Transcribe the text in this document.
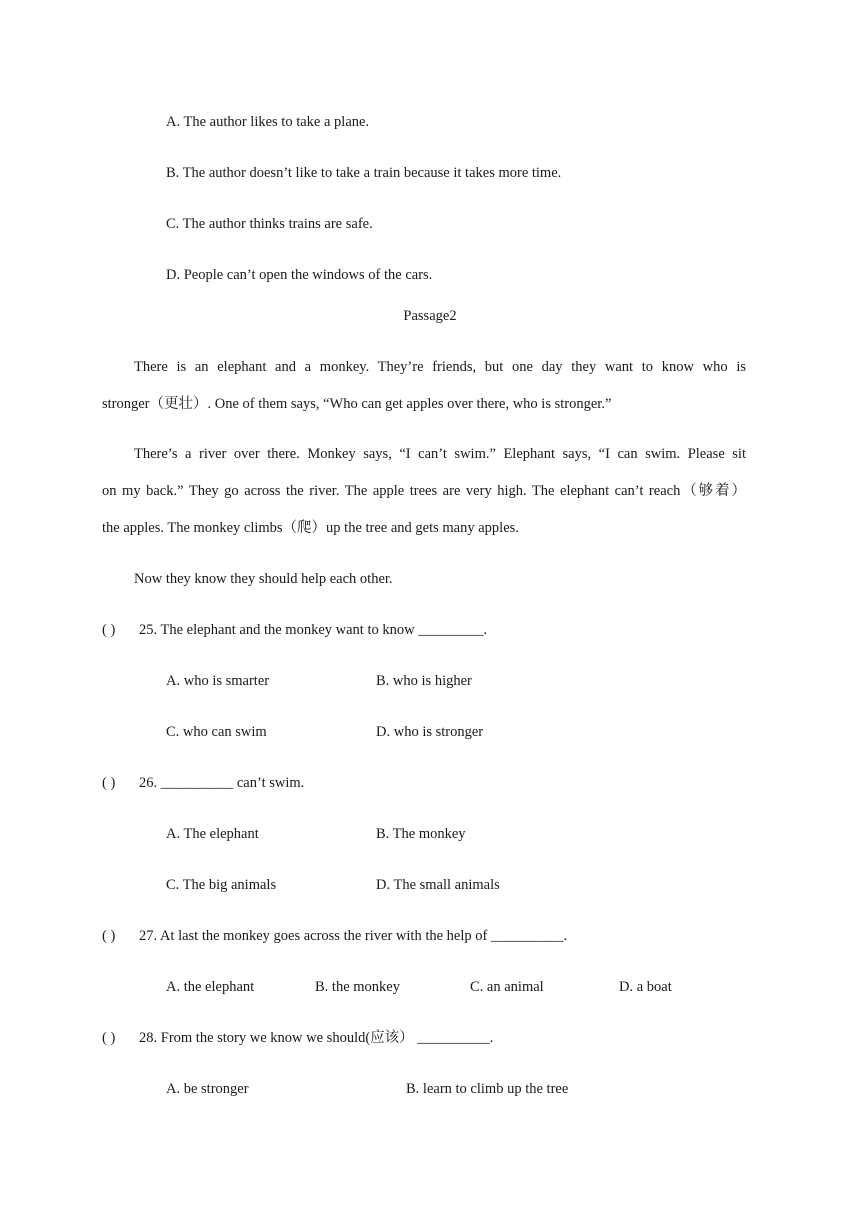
A. The author likes to take a plane.
B. The author doesn’t like to take a train because it takes more time.
C. The author thinks trains are safe.
D. People can’t open the windows of the cars.
Passage2
There is an elephant and a monkey. They’re friends, but one day they want to know who is
stronger（更壮）. One of them says, “Who can get apples over there, who is stronger.”
There’s a river over there. Monkey says, “I can’t swim.” Elephant says, “I can swim. Please sit
on my back.” They go across the river. The apple trees are very high. The elephant can’t reach（够着）
the apples. The monkey climbs（爬）up the tree and gets many apples.
Now they know they should help each other.
( ) 25. The elephant and the monkey want to know _________.
A. who is smarter	B. who is higher
C. who can swim	D. who is stronger
( ) 26. __________ can’t swim.
A. The elephant	B. The monkey
C. The big animals	D. The small animals
( ) 27. At last the monkey goes across the river with the help of __________.
A. the elephant	B. the monkey	C. an animal	D. a boat
( ) 28. From the story we know we should(应该） __________.
A. be stronger	B. learn to climb up the tree
